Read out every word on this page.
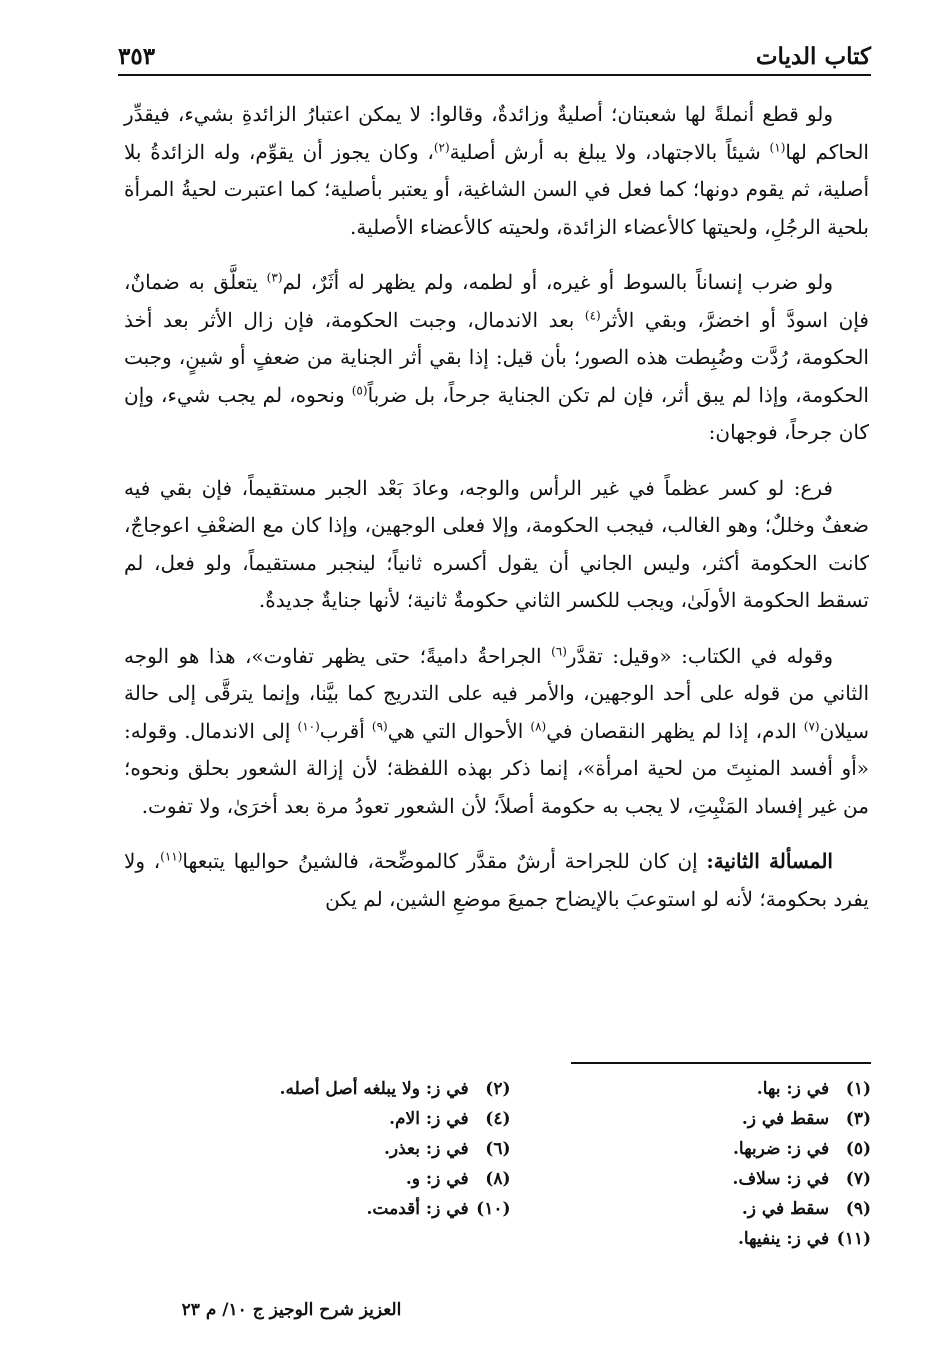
كتاب الديات
٣٥٣

ولو قطع أنملةً لها شعبتان؛ أصليةٌ وزائدةٌ، وقالوا: لا يمكن اعتبارُ الزائدةِ بشيء، فيقدِّر الحاكم لها$^{(١)}$ شيئاً بالاجتهاد، ولا يبلغ به أرش أصلية$^{(٢)}$، وكان يجوز أن يقوِّم، وله الزائدةُ بلا أصلية، ثم يقوم دونها؛ كما فعل في السن الشاغية، أو يعتبر بأصلية؛ كما اعتبرت لحيةُ المرأة بلحية الرجُلِ، ولحيتها كالأعضاء الزائدة، ولحيته كالأعضاء الأصلية.

ولو ضرب إنساناً بالسوط أو غيره، أو لطمه، ولم يظهر له أثَرٌ، لم$^{(٣)}$ يتعلَّق به ضمانٌ، فإن اسودَّ أو اخضرَّ، وبقي الأثر$^{(٤)}$ بعد الاندمال، وجبت الحكومة، فإن زال الأثر بعد أخذ الحكومة، رُدَّت وضُبِطت هذه الصور؛ بأن قيل: إذا بقي أثر الجناية من ضعفٍ أو شينٍ، وجبت الحكومة، وإذا لم يبق أثر، فإن لم تكن الجناية جرحاً، بل ضرباً$^{(٥)}$ ونحوه، لم يجب شيء، وإن كان جرحاً، فوجهان:

فرع: لو كسر عظماً في غير الرأس والوجه، وعادَ بَعْد الجبر مستقيماً، فإن بقي فيه ضعفٌ وخللٌ؛ وهو الغالب، فيجب الحكومة، وإلا فعلى الوجهين، وإذا كان مع الضعْفِ اعوجاجٌ، كانت الحكومة أكثر، وليس الجاني أن يقول أكسره ثانياً؛ لينجبر مستقيماً، ولو فعل، لم تسقط الحكومة الأولَىٰ، ويجب للكسر الثاني حكومةٌ ثانية؛ لأنها جنايةٌ جديدةٌ.

وقوله في الكتاب: «وقيل: تقدَّر$^{(٦)}$ الجراحةُ داميةً؛ حتى يظهر تفاوت»، هذا هو الوجه الثاني من قوله على أحد الوجهين، والأمر فيه على التدريج كما بيَّنا، وإنما يترقَّى إلى حالة سيلان$^{(٧)}$ الدم، إذا لم يظهر النقصان في$^{(٨)}$ الأحوال التي هي$^{(٩)}$ أقرب$^{(١٠)}$ إلى الاندمال. وقوله: «أو أفسد المنبِتَ من لحية امرأة»، إنما ذكر بهذه اللفظة؛ لأن إزالة الشعور بحلق ونحوه؛ من غير إفساد المَنْبِتِ، لا يجب به حكومة أصلاً؛ لأن الشعور تعودُ مرة بعد أخرَىٰ، ولا تفوت.

المسألة الثانية: إن كان للجراحة أرشٌ مقدَّر كالموضِّحة، فالشينُ حواليها يتبعها$^{(١١)}$، ولا يفرد بحكومة؛ لأنه لو استوعبَ بالإيضاح جميعَ موضعِ الشين، لم يكن

(١) في ز: بها.
(٢) في ز: ولا يبلغه أصل أصله.
(٣) سقط في ز.
(٤) في ز: الام.
(٥) في ز: ضربها.
(٦) في ز: بعذر.
(٧) في ز: سلاف.
(٨) في ز: و.
(٩) سقط في ز.
(١٠) في ز: أقدمت.
(١١) في ز: ينفيها.
العزيز شرح الوجيز ج ١٠/ م ٢٣
